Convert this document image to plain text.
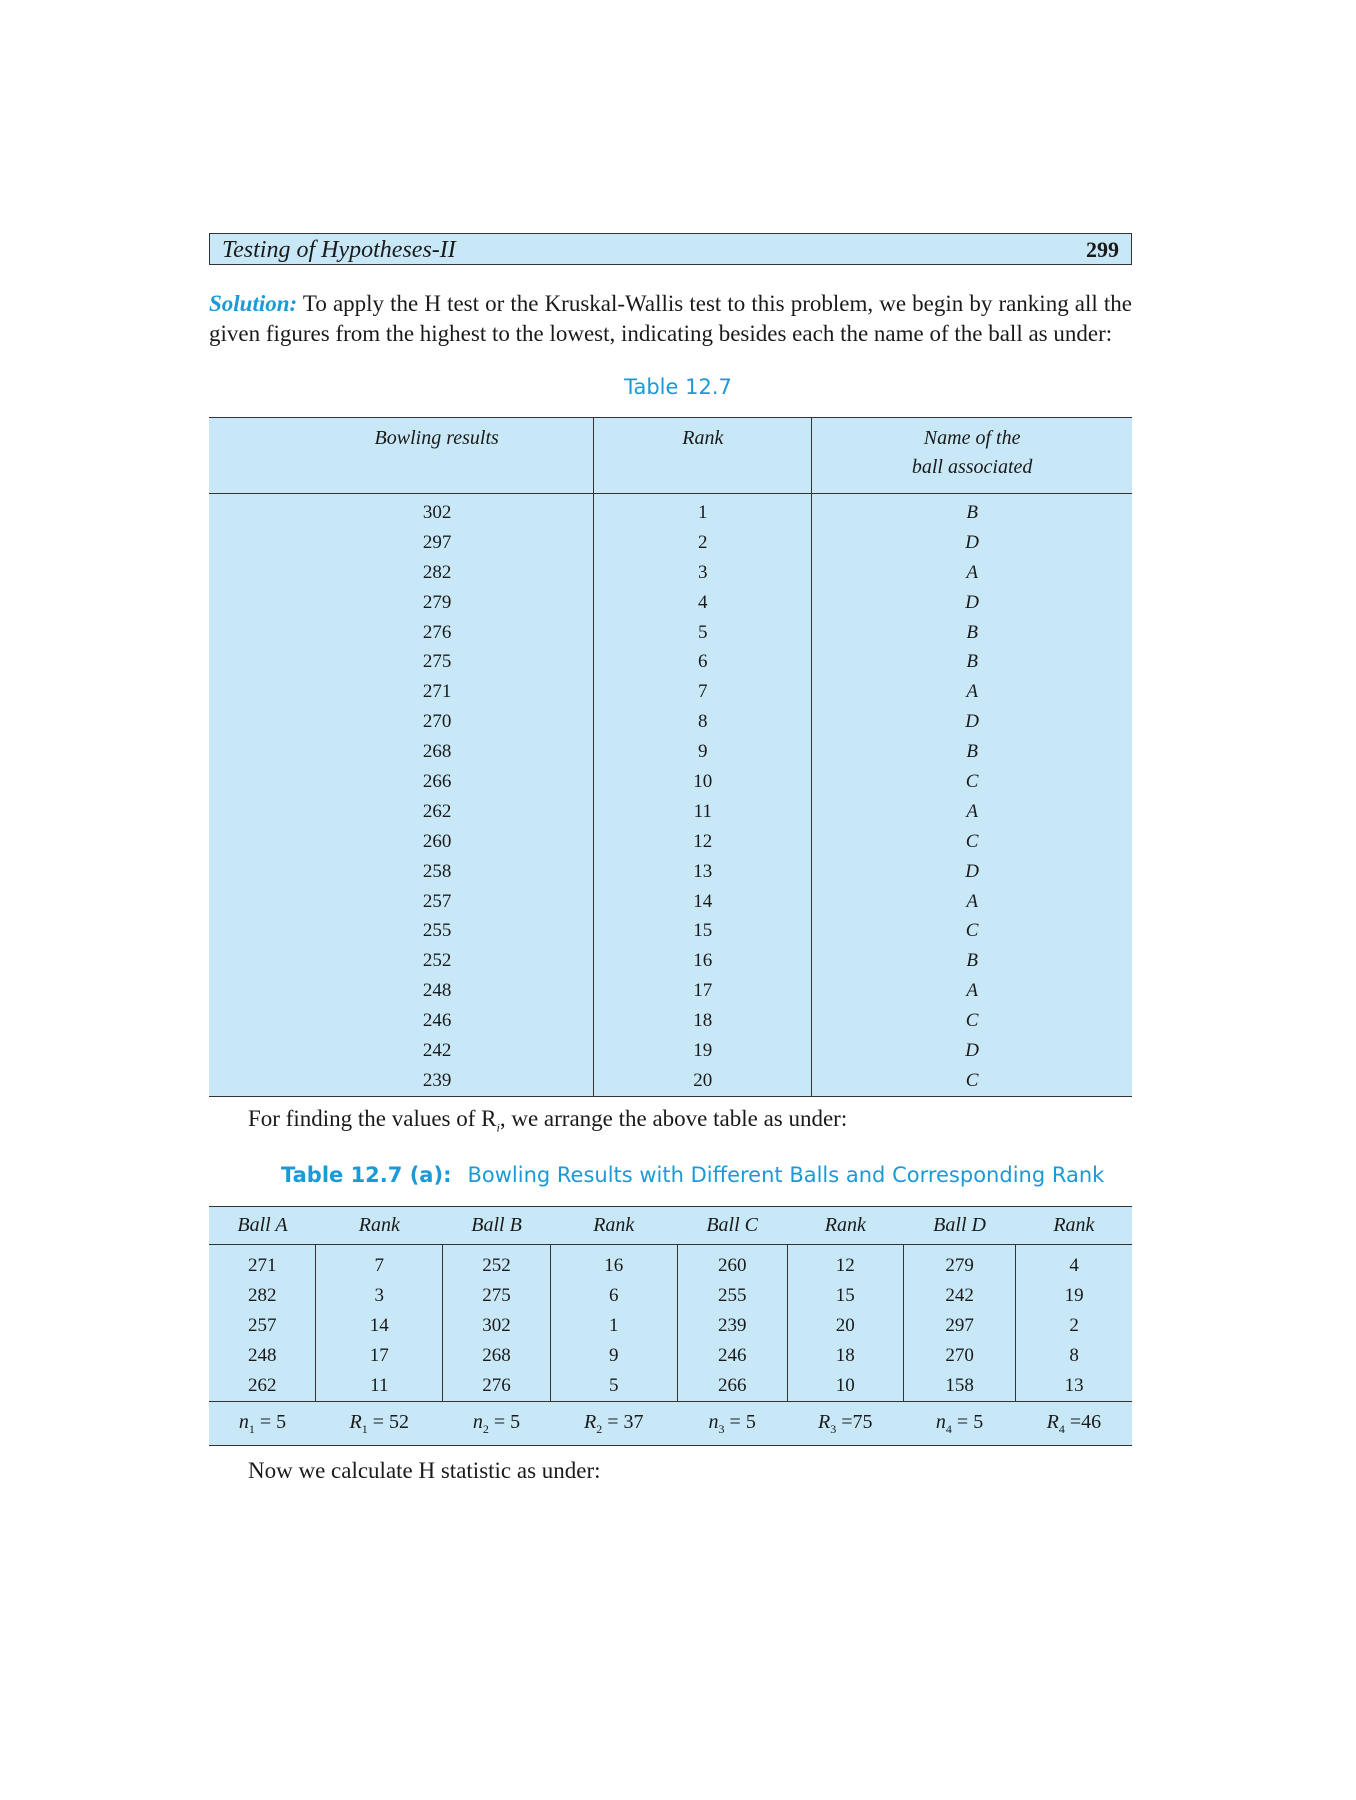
Testing of Hypotheses-II	299
Solution: To apply the H test or the Kruskal-Wallis test to this problem, we begin by ranking all the
given figures from the highest to the lowest, indicating besides each the name of the ball as under:
Table 12.7
Bowling results	Rank	Name of the
ball associated
302	1	B
297	2	D
282	3	A
279	4	D
276	5	B
275	6	B
271	7	A
270	8	D
268	9	B
266	10	C
262	11	A
260	12	C
258	13	D
257	14	A
255	15	C
252	16	B
248	17	A
246	18	C
242	19	D
239	20	C
For finding the values of $R_i$, we arrange the above table as under:
Table 12.7 (a): Bowling Results with Different Balls and Corresponding Rank
Ball A	Rank	Ball B	Rank	Ball C	Rank	Ball D	Rank
271	7	252	16	260	12	279	4
282	3	275	6	255	15	242	19
257	14	302	1	239	20	297	2
248	17	268	9	246	18	270	8
262	11	276	5	266	10	158	13
$n_1 = 5$	$R_1 = 52$	$n_2 = 5$	$R_2 = 37$	$n_3 = 5$	$R_3 =75$	$n_4 = 5$	$R_4 =46$
Now we calculate H statistic as under:
